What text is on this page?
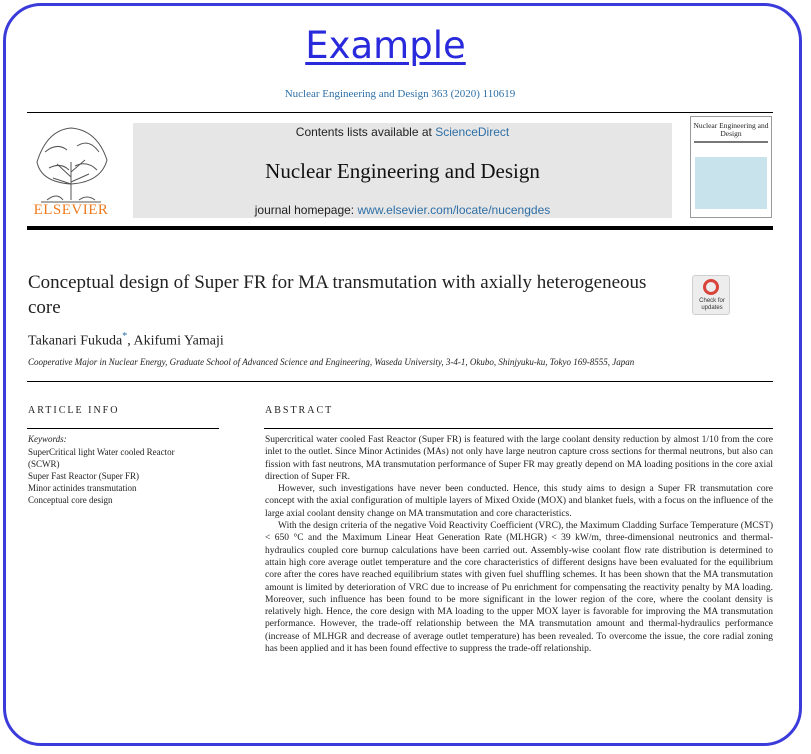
Example
Nuclear Engineering and Design 363 (2020) 110619
ELSEVIER
Contents lists available at ScienceDirect
Nuclear Engineering and Design
journal homepage: www.elsevier.com/locate/nucengdes
Nuclear Engineering and Design
Conceptual design of Super FR for MA transmutation with axially heterogeneous core	Check for updates
Takanari Fukuda*, Akifumi Yamaji
Cooperative Major in Nuclear Energy, Graduate School of Advanced Science and Engineering, Waseda University, 3-4-1, Okubo, Shinjyuku-ku, Tokyo 169-8555, Japan
ARTICLE INFO	ABSTRACT
Keywords:
SuperCritical light Water cooled Reactor
(SCWR)
Super Fast Reactor (Super FR)
Minor actinides transmutation
Conceptual core design

Supercritical water cooled Fast Reactor (Super FR) is featured with the large coolant density reduction by almost 1/10 from the core inlet to the outlet. Since Minor Actinides (MAs) not only have large neutron capture cross sections for thermal neutrons, but also can fission with fast neutrons, MA transmutation performance of Super FR may greatly depend on MA loading positions in the core axial direction of Super FR.

However, such investigations have never been conducted. Hence, this study aims to design a Super FR transmutation core concept with the axial configuration of multiple layers of Mixed Oxide (MOX) and blanket fuels, with a focus on the influence of the large axial coolant density change on MA transmutation and core characteristics.

With the design criteria of the negative Void Reactivity Coefficient (VRC), the Maximum Cladding Surface Temperature (MCST) < 650 °C and the Maximum Linear Heat Generation Rate (MLHGR) < 39 kW/m, three-dimensional neutronics and thermal-hydraulics coupled core burnup calculations have been carried out. Assembly-wise coolant flow rate distribution is determined to attain high core average outlet temperature and the core characteristics of different designs have been evaluated for the equilibrium core after the cores have reached equilibrium states with given fuel shuffling schemes. It has been shown that the MA transmutation amount is limited by deterioration of VRC due to increase of Pu enrichment for compensating the reactivity penalty by MA loading. Moreover, such influence has been found to be more significant in the lower region of the core, where the coolant density is relatively high. Hence, the core design with MA loading to the upper MOX layer is favorable for improving the MA transmutation performance. However, the trade-off relationship between the MA transmutation amount and thermal-hydraulics performance (increase of MLHGR and decrease of average outlet temperature) has been revealed. To overcome the issue, the core radial zoning has been applied and it has been found effective to suppress the trade-off relationship.
